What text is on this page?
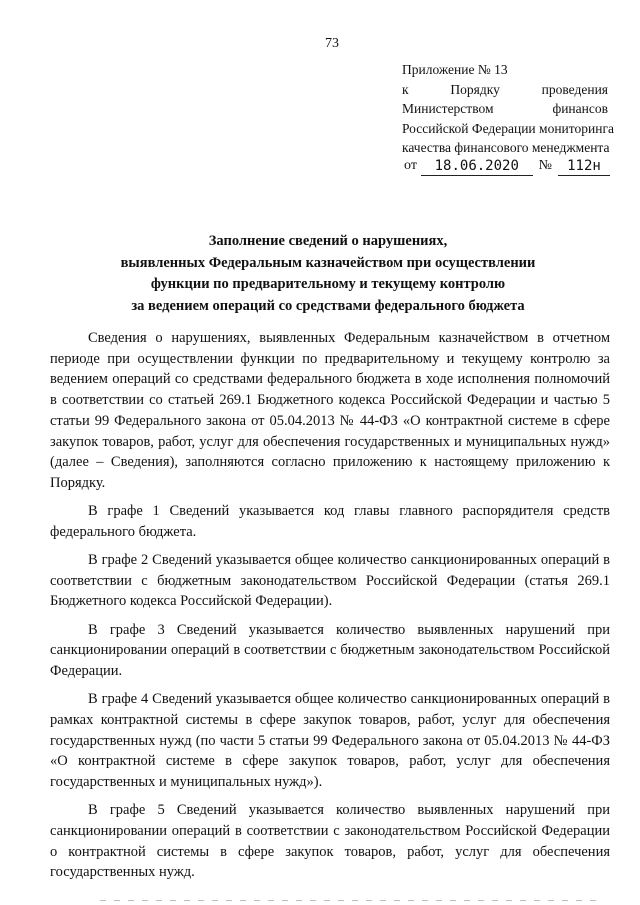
73
Приложение № 13
к Порядку проведения
Министерством финансов
Российской Федерации мониторинга
качества финансового менеджмента
от	18.06.2020	№	112н
Заполнение сведений о нарушениях,
выявленных Федеральным казначейством при осуществлении
функции по предварительному и текущему контролю
за ведением операций со средствами федерального бюджета

Сведения о нарушениях, выявленных Федеральным казначейством в отчетном периоде при осуществлении функции по предварительному и текущему контролю за ведением операций со средствами федерального бюджета в ходе исполнения полномочий в соответствии со статьей 269.1 Бюджетного кодекса Российской Федерации и частью 5 статьи 99 Федерального закона от 05.04.2013 № 44-ФЗ «О контрактной системе в сфере закупок товаров, работ, услуг для обеспечения государственных и муниципальных нужд» (далее – Сведения), заполняются согласно приложению к настоящему приложению к Порядку.

В графе 1 Сведений указывается код главы главного распорядителя средств федерального бюджета.

В графе 2 Сведений указывается общее количество санкционированных операций в соответствии с бюджетным законодательством Российской Федерации (статья 269.1 Бюджетного кодекса Российской Федерации).

В графе 3 Сведений указывается количество выявленных нарушений при санкционировании операций в соответствии с бюджетным законодательством Российской Федерации.

В графе 4 Сведений указывается общее количество санкционированных операций в рамках контрактной системы в сфере закупок товаров, работ, услуг для обеспечения государственных нужд (по части 5 статьи 99 Федерального закона от 05.04.2013 № 44-ФЗ «О контрактной системе в сфере закупок товаров, работ, услуг для обеспечения государственных и муниципальных нужд»).

В графе 5 Сведений указывается количество выявленных нарушений при санкционировании операций в соответствии с законодательством Российской Федерации о контрактной системы в сфере закупок товаров, работ, услуг для обеспечения государственных нужд.
